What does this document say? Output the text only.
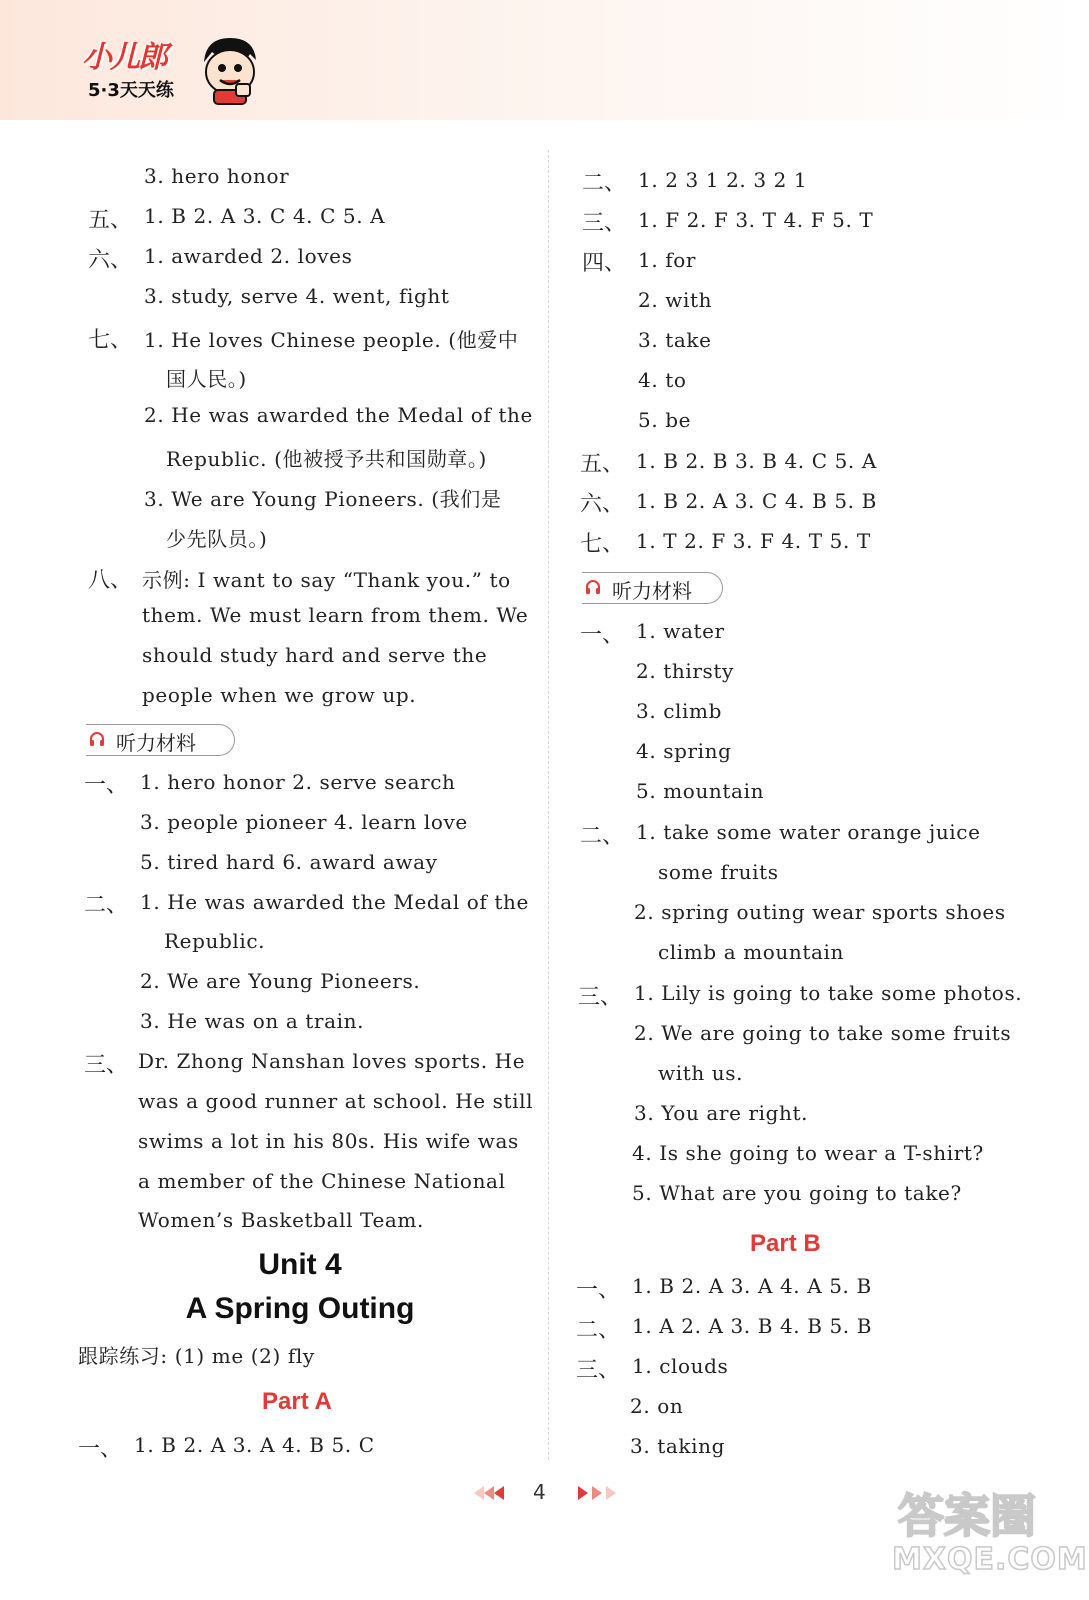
小儿郎
5·3天天练
3. hero honor
五、 1. B 2. A 3. C 4. C 5. A
六、 1. awarded 2. loves
3. study, serve 4. went, fight
七、 1. He loves Chinese people. (他爱中
国人民。)
2. He was awarded the Medal of the
Republic. (他被授予共和国勋章。)
3. We are Young Pioneers. (我们是
少先队员。)
八、 示例: I want to say “Thank you.” to
them. We must learn from them. We
should study hard and serve the
people when we grow up.
听力材料
一、 1. hero honor 2. serve search
3. people pioneer 4. learn love
5. tired hard 6. award away
二、 1. He was awarded the Medal of the
Republic.
2. We are Young Pioneers.
3. He was on a train.
三、 Dr. Zhong Nanshan loves sports. He
was a good runner at school. He still
swims a lot in his 80s. His wife was
a member of the Chinese National
Women’s Basketball Team.
Unit 4
A Spring Outing
跟踪练习: (1) me (2) fly
Part A
一、 1. B 2. A 3. A 4. B 5. C
二、 1. 2 3 1 2. 3 2 1
三、 1. F 2. F 3. T 4. F 5. T
四、 1. for
2. with
3. take
4. to
5. be
五、 1. B 2. B 3. B 4. C 5. A
六、 1. B 2. A 3. C 4. B 5. B
七、 1. T 2. F 3. F 4. T 5. T
听力材料
一、 1. water
2. thirsty
3. climb
4. spring
5. mountain
二、 1. take some water orange juice
some fruits
2. spring outing wear sports shoes
climb a mountain
三、 1. Lily is going to take some photos.
2. We are going to take some fruits
with us.
3. You are right.
4. Is she going to wear a T-shirt?
5. What are you going to take?
Part B
一、 1. B 2. A 3. A 4. A 5. B
二、 1. A 2. A 3. B 4. B 5. B
三、 1. clouds
2. on
3. taking
4	答案圈
MXQE.COM
